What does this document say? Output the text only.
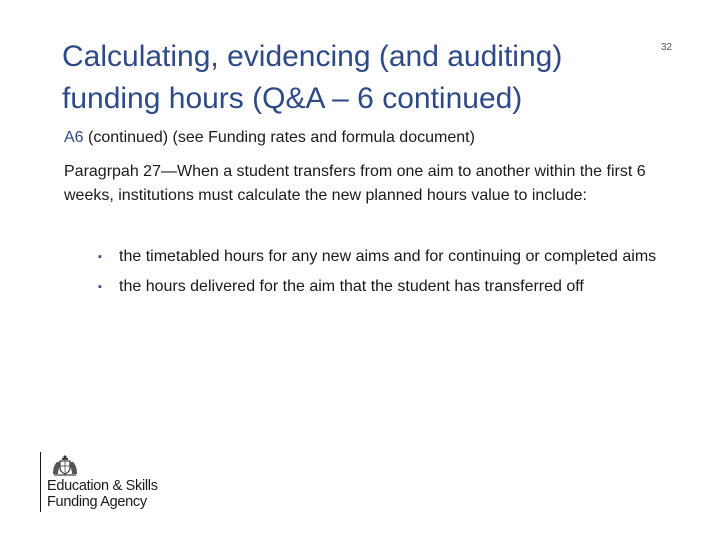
Calculating, evidencing (and auditing) funding hours (Q&A – 6 continued)
32

A6 (continued) (see Funding rates and formula document)

Paragrpah 27—When a student transfers from one aim to another within the first 6 weeks, institutions must calculate the new planned hours value to include:

▪ the timetabled hours for any new aims and for continuing or completed aims
▪ the hours delivered for the aim that the student has transferred off
Education & Skills
Funding Agency
